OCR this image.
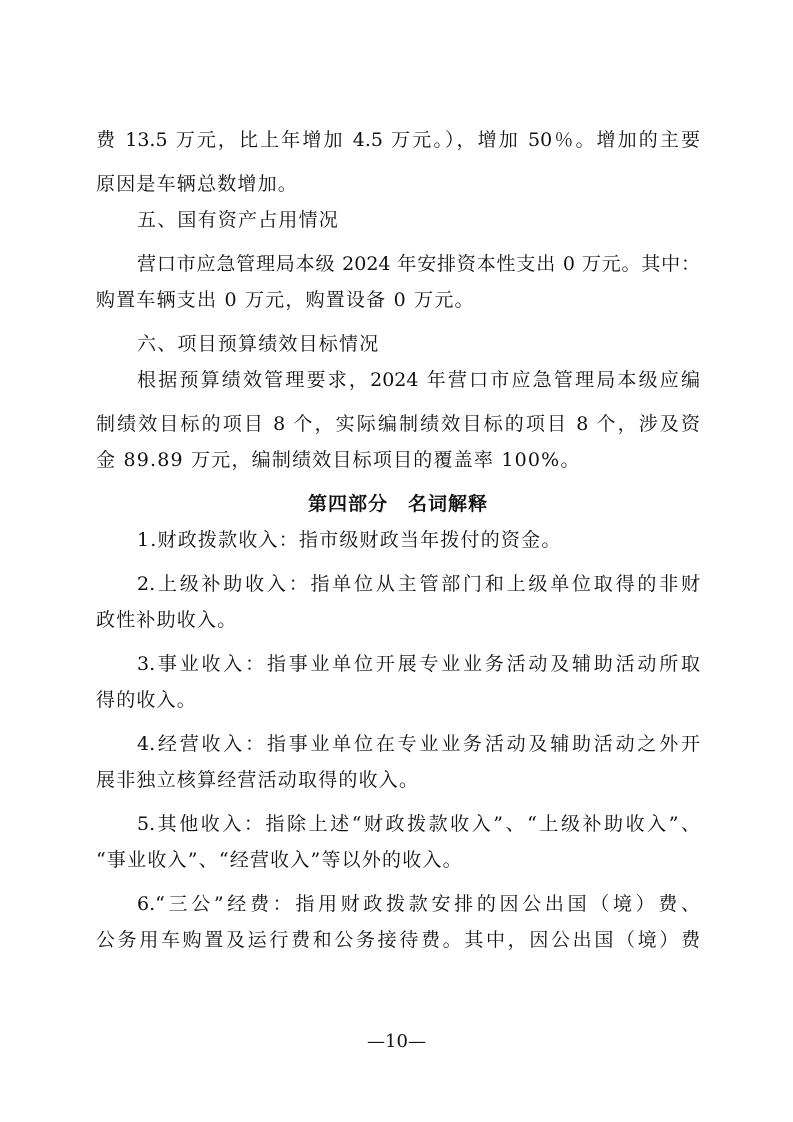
费 13.5 万元，比上年增加 4.5 万元。），增加 50％。增加的主要
原因是车辆总数增加。
五、国有资产占用情况
营口市应急管理局本级 2024 年安排资本性支出 0 万元。其中：
购置车辆支出 0 万元，购置设备 0 万元。
六、项目预算绩效目标情况
根据预算绩效管理要求，2024 年营口市应急管理局本级应编
制绩效目标的项目 8 个，实际编制绩效目标的项目 8 个，涉及资
金 89.89 万元，编制绩效目标项目的覆盖率 100%。
第四部分　名词解释
1.财政拨款收入：指市级财政当年拨付的资金。
2.上级补助收入：指单位从主管部门和上级单位取得的非财
政性补助收入。
3.事业收入：指事业单位开展专业业务活动及辅助活动所取
得的收入。
4.经营收入：指事业单位在专业业务活动及辅助活动之外开
展非独立核算经营活动取得的收入。
5.其他收入：指除上述“财政拨款收入”、“上级补助收入”、
“事业收入”、“经营收入”等以外的收入。
6.“三公”经费：指用财政拨款安排的因公出国（境）费、
公务用车购置及运行费和公务接待费。其中，因公出国（境）费
—10—
